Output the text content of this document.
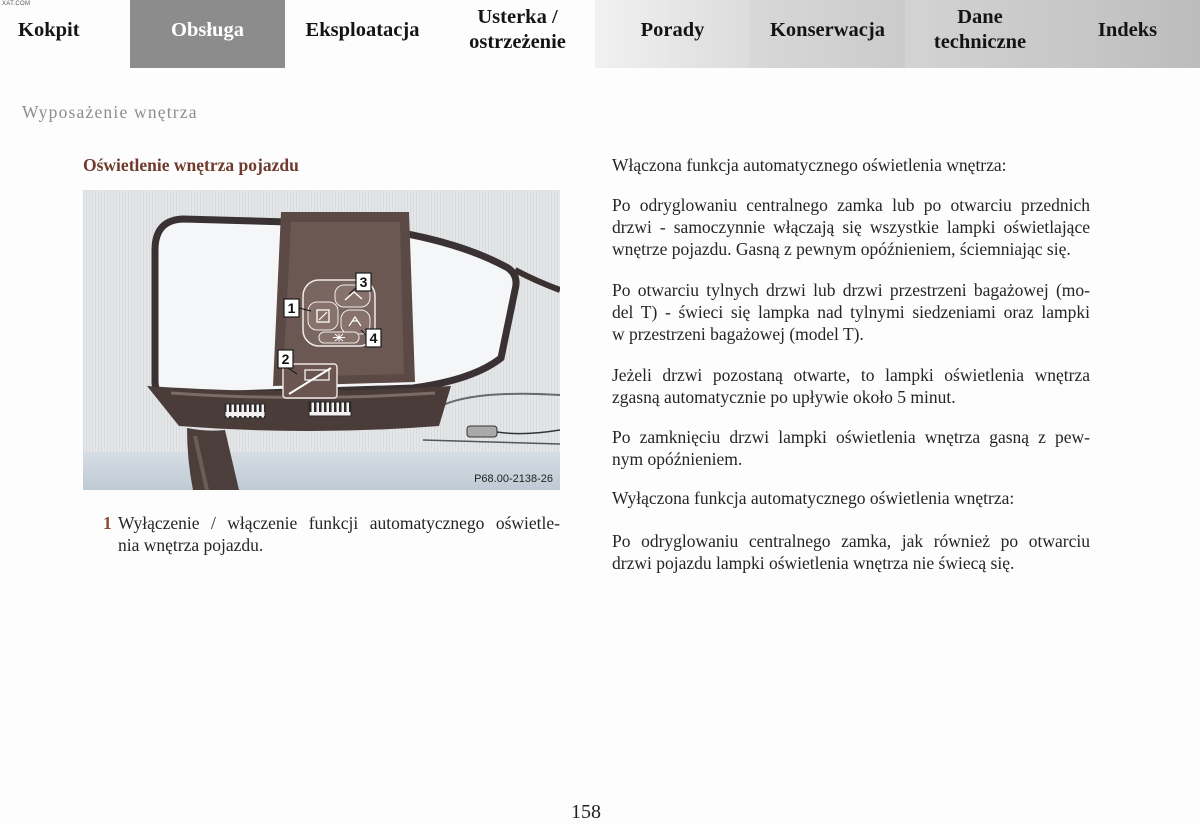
XAT.COM
Kokpit	Obsługa	Eksploatacja
Usterka /
ostrzeżenie
Porady	Konserwacja
Dane
techniczne
Indeks
Wyposażenie wnętrza
Oświetlenie wnętrza pojazdu
3
1
4
2
P68.00-2138-26
1 Wyłączenie / włączenie funkcji automatycznego oświetle-
nia wnętrza pojazdu.
Włączona funkcja automatycznego oświetlenia wnętrza:
Po odryglowaniu centralnego zamka lub po otwarciu przednich
drzwi - samoczynnie włączają się wszystkie lampki oświetlające
wnętrze pojazdu. Gasną z pewnym opóźnieniem, ściemniając się.
Po otwarciu tylnych drzwi lub drzwi przestrzeni bagażowej (mo-
del T) - świeci się lampka nad tylnymi siedzeniami oraz lampki
w przestrzeni bagażowej (model T).
Jeżeli drzwi pozostaną otwarte, to lampki oświetlenia wnętrza
zgasną automatycznie po upływie około 5 minut.
Po zamknięciu drzwi lampki oświetlenia wnętrza gasną z pew-
nym opóźnieniem.
Wyłączona funkcja automatycznego oświetlenia wnętrza:
Po odryglowaniu centralnego zamka, jak również po otwarciu
drzwi pojazdu lampki oświetlenia wnętrza nie świecą się.
158
